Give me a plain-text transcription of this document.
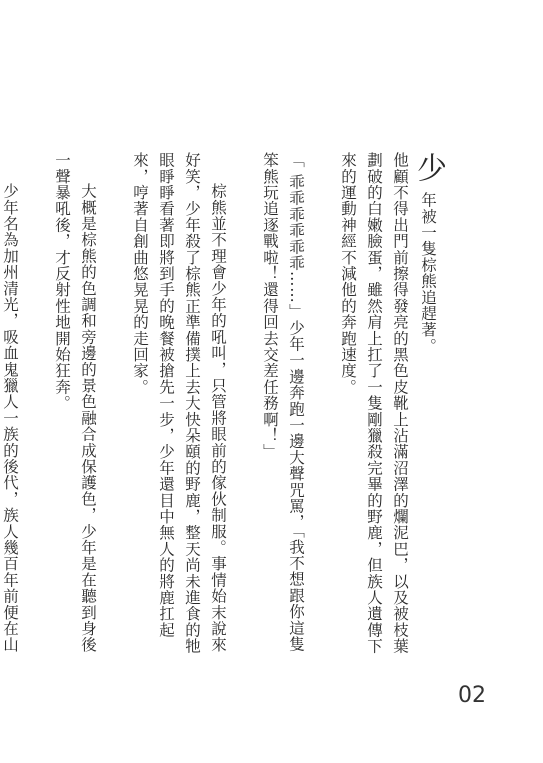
少年被一隻棕熊追趕著。

他顧不得出門前擦得發亮的黑色皮靴上沾滿沼澤的爛泥巴，以及被枝葉劃破的白嫩臉蛋，雖然肩上扛了一隻剛獵殺完畢的野鹿，但族人遺傳下來的運動神經不減他的奔跑速度。

「 乖乖乖乖乖乖……」少年一邊奔跑一邊大聲咒罵，「我不想跟你這隻笨熊玩追逐戰啦！還得回去交差任務啊！」

棕熊並不理會少年的吼叫，只管將眼前的傢伙制服。事情始末說來好笑，少年殺了棕熊正準備撲上去大快朵頤的野鹿，整天尚未進食的牠眼睜睜看著即將到手的晚餐被搶先一步，少年還目中無人的將鹿扛起來，哼著自創曲悠晃晃的走回家。

大概是棕熊的色調和旁邊的景色融合成保護色，少年是在聽到身後一聲暴吼後，才反射性地開始狂奔。

少年名為加州清光，吸血鬼獵人一族的後代，族人幾百年前便在山

02
